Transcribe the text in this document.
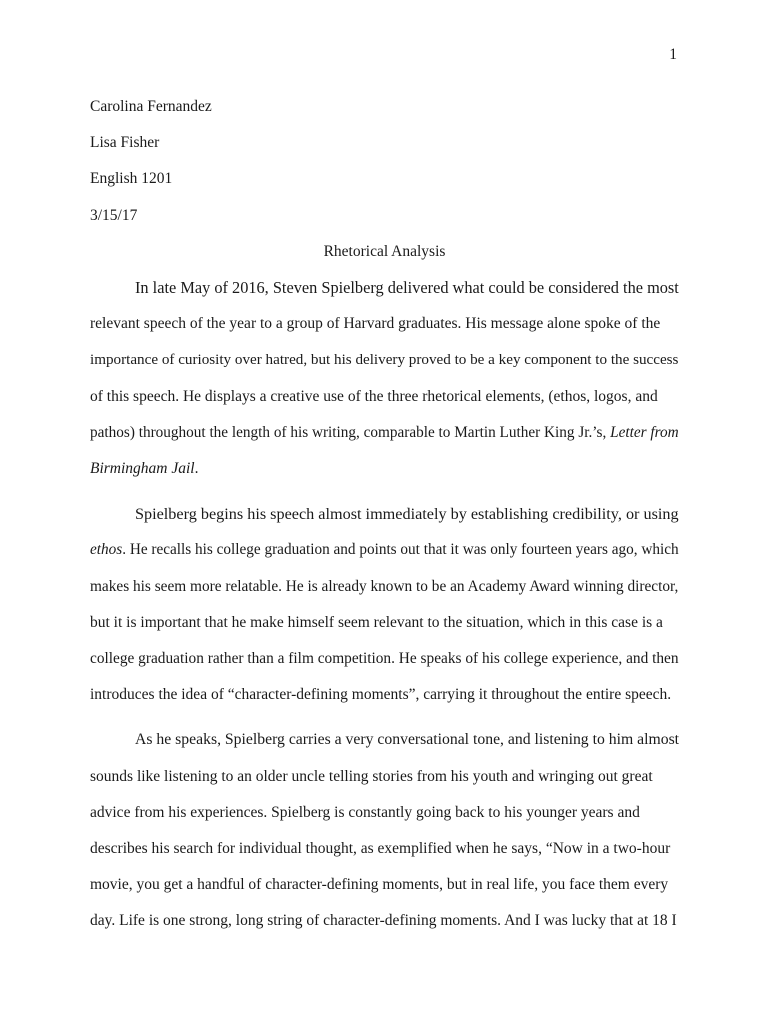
1

Carolina Fernandez

Lisa Fisher

English 1201

3/15/17

Rhetorical Analysis

In late May of 2016, Steven Spielberg delivered what could be considered the most
relevant speech of the year to a group of Harvard graduates. His message alone spoke of the
importance of curiosity over hatred, but his delivery proved to be a key component to the success
of this speech. He displays a creative use of the three rhetorical elements, (ethos, logos, and
pathos) throughout the length of his writing, comparable to Martin Luther King Jr.’s, Letter from
Birmingham Jail.
Spielberg begins his speech almost immediately by establishing credibility, or using
ethos. He recalls his college graduation and points out that it was only fourteen years ago, which
makes his seem more relatable. He is already known to be an Academy Award winning director,
but it is important that he make himself seem relevant to the situation, which in this case is a
college graduation rather than a film competition. He speaks of his college experience, and then
introduces the idea of “character-defining moments”, carrying it throughout the entire speech.
As he speaks, Spielberg carries a very conversational tone, and listening to him almost
sounds like listening to an older uncle telling stories from his youth and wringing out great
advice from his experiences. Spielberg is constantly going back to his younger years and
describes his search for individual thought, as exemplified when he says, “Now in a two-hour
movie, you get a handful of character-defining moments, but in real life, you face them every
day. Life is one strong, long string of character-defining moments. And I was lucky that at 18 I
